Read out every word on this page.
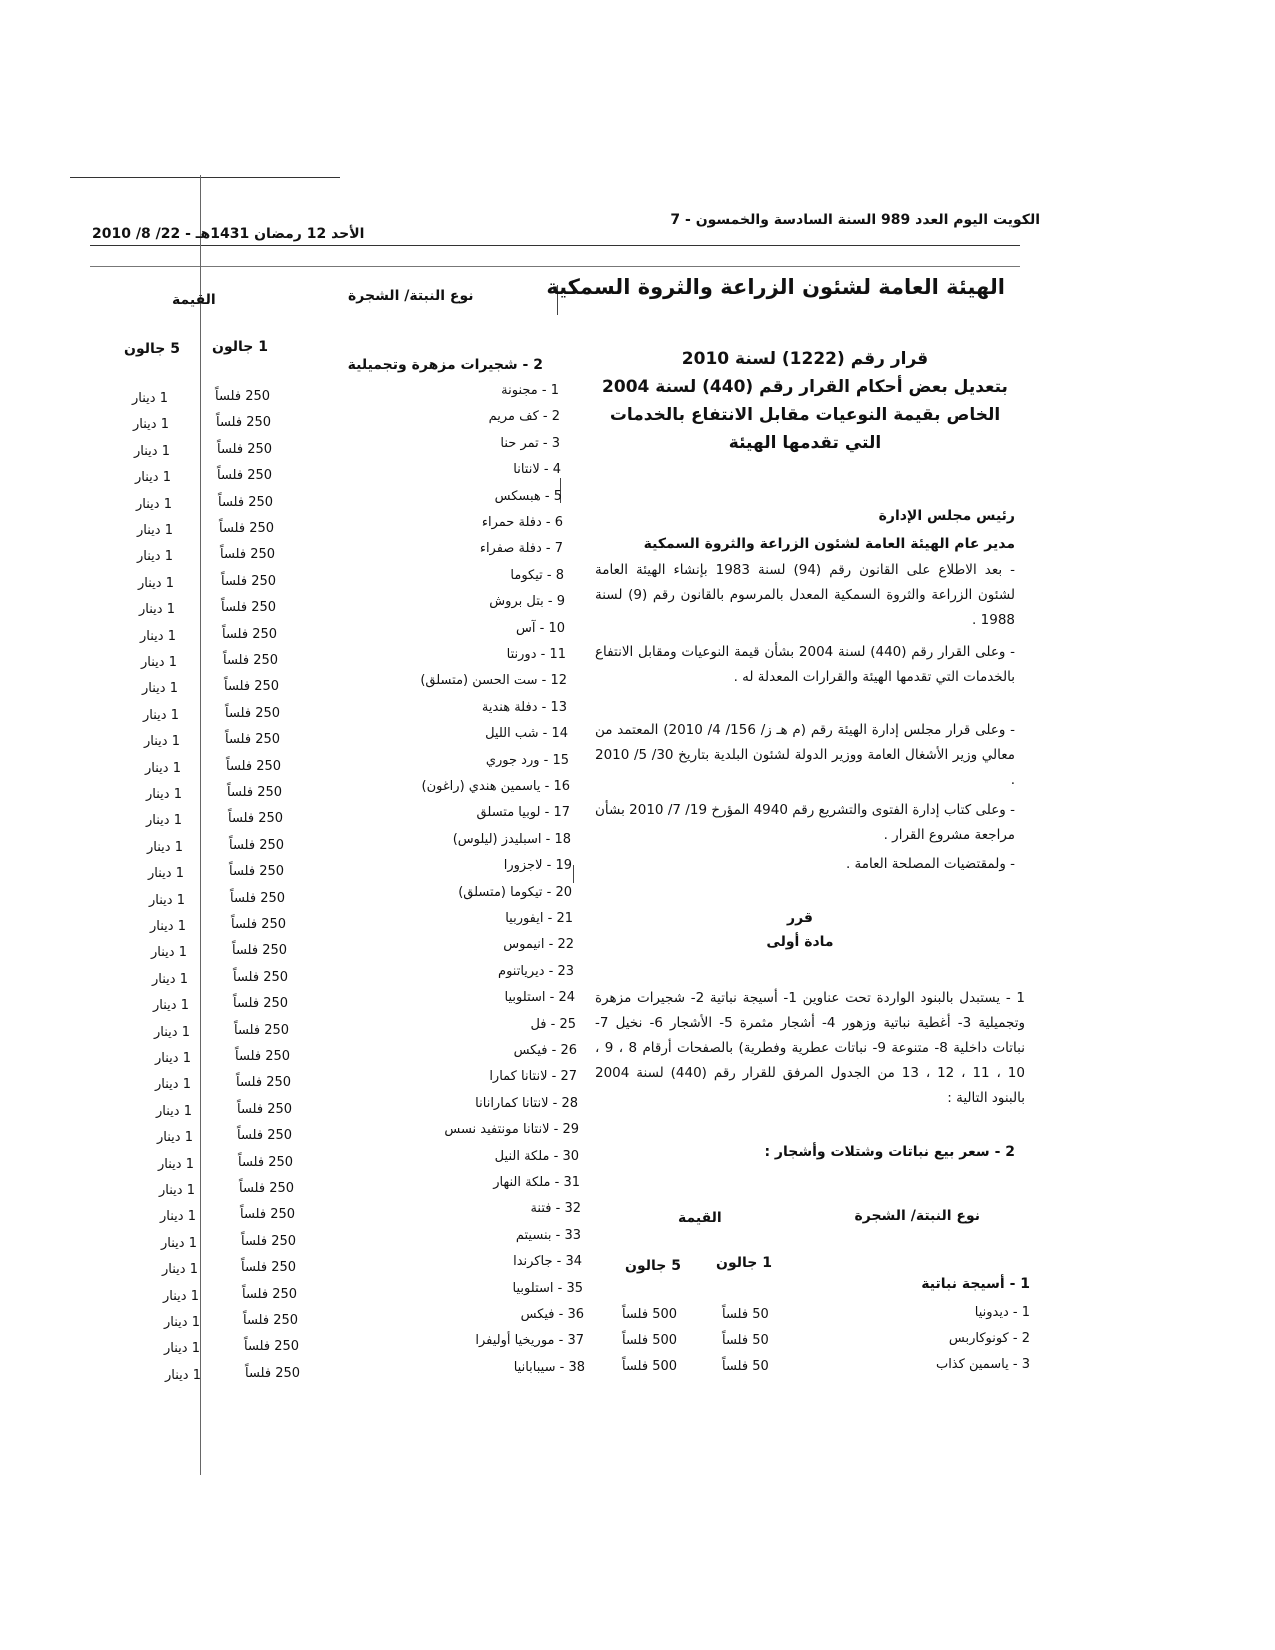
الكويت اليوم العدد 989 السنة السادسة والخمسون - 7
الأحد 12 رمضان 1431هـ - 22/ 8/ 2010
الهيئة العامة لشئون الزراعة والثروة السمكية
قرار رقم (1222) لسنة 2010
بتعديل بعض أحكام القرار رقم (440) لسنة 2004
الخاص بقيمة النوعيات مقابل الانتفاع بالخدمات
التي تقدمها الهيئة
رئيس مجلس الإدارة
مدير عام الهيئة العامة لشئون الزراعة والثروة السمكية
- بعد الاطلاع على القانون رقم (94) لسنة 1983 بإنشاء الهيئة العامة لشئون الزراعة والثروة السمكية المعدل بالمرسوم بالقانون رقم (9) لسنة 1988 .
- وعلى القرار رقم (440) لسنة 2004 بشأن قيمة النوعيات ومقابل الانتفاع بالخدمات التي تقدمها الهيئة والقرارات المعدلة له .
- وعلى قرار مجلس إدارة الهيئة رقم (م هـ ز/ 156/ 4/ 2010) المعتمد من معالي وزير الأشغال العامة ووزير الدولة لشئون البلدية بتاريخ 30/ 5/ 2010 .
- وعلى كتاب إدارة الفتوى والتشريع رقم 4940 المؤرخ 19/ 7/ 2010 بشأن مراجعة مشروع القرار .
- ولمقتضيات المصلحة العامة .
قرر
مادة أولى
1 - يستبدل بالبنود الواردة تحت عناوين 1- أسيجة نباتية 2- شجيرات مزهرة وتجميلية 3- أغطية نباتية وزهور 4- أشجار مثمرة 5- الأشجار 6- نخيل 7- نباتات داخلية 8- متنوعة 9- نباتات عطرية وفطرية) بالصفحات أرقام 8 ، 9 ، 10 ، 11 ، 12 ، 13 من الجدول المرفق للقرار رقم (440) لسنة 2004 بالبنود التالية :
2 - سعر بيع نباتات وشتلات وأشجار :
نوع النبتة/ الشجرة
القيمة
1 جالون
5 جالون
1 - أسيجة نباتية
1 - ديدونيا
50 فلساً
500 فلساً
2 - كونوكاربس
50 فلساً
500 فلساً
3 - ياسمين كذاب
50 فلساً
500 فلساً
نوع النبتة/ الشجرة
القيمة
1 جالون
5 جالون
2 - شجيرات مزهرة وتجميلية
1 - مجنونة
250 فلساً
1 دينار
2 - كف مريم
250 فلساً
1 دينار
3 - تمر حنا
250 فلساً
1 دينار
4 - لانتانا
250 فلساً
1 دينار
5 - هبسكس
250 فلساً
1 دينار
6 - دفلة حمراء
250 فلساً
1 دينار
7 - دفلة صفراء
250 فلساً
1 دينار
8 - تيكوما
250 فلساً
1 دينار
9 - بتل بروش
250 فلساً
1 دينار
10 - آس
250 فلساً
1 دينار
11 - دورنتا
250 فلساً
1 دينار
12 - ست الحسن (متسلق)
250 فلساً
1 دينار
13 - دفلة هندية
250 فلساً
1 دينار
14 - شب الليل
250 فلساً
1 دينار
15 - ورد جوري
250 فلساً
1 دينار
16 - ياسمين هندي (راغون)
250 فلساً
1 دينار
17 - لوبيا متسلق
250 فلساً
1 دينار
18 - اسبليدز (ليلوس)
250 فلساً
1 دينار
19 - لاجزورا
250 فلساً
1 دينار
20 - تيكوما (متسلق)
250 فلساً
1 دينار
21 - ايفوربيا
250 فلساً
1 دينار
22 - انيموس
250 فلساً
1 دينار
23 - ديرياتنوم
250 فلساً
1 دينار
24 - استلوبيا
250 فلساً
1 دينار
25 - فل
250 فلساً
1 دينار
26 - فيكس
250 فلساً
1 دينار
27 - لانتانا كمارا
250 فلساً
1 دينار
28 - لانتانا كمارانانا
250 فلساً
1 دينار
29 - لانتانا مونتفيد نسس
250 فلساً
1 دينار
30 - ملكة النيل
250 فلساً
1 دينار
31 - ملكة النهار
250 فلساً
1 دينار
32 - فتنة
250 فلساً
1 دينار
33 - بنسيتم
250 فلساً
1 دينار
34 - جاكرندا
250 فلساً
1 دينار
35 - استلوبيا
250 فلساً
1 دينار
36 - فيكس
250 فلساً
1 دينار
37 - موريخيا أوليفرا
250 فلساً
1 دينار
38 - سيبابانيا
250 فلساً
1 دينار
